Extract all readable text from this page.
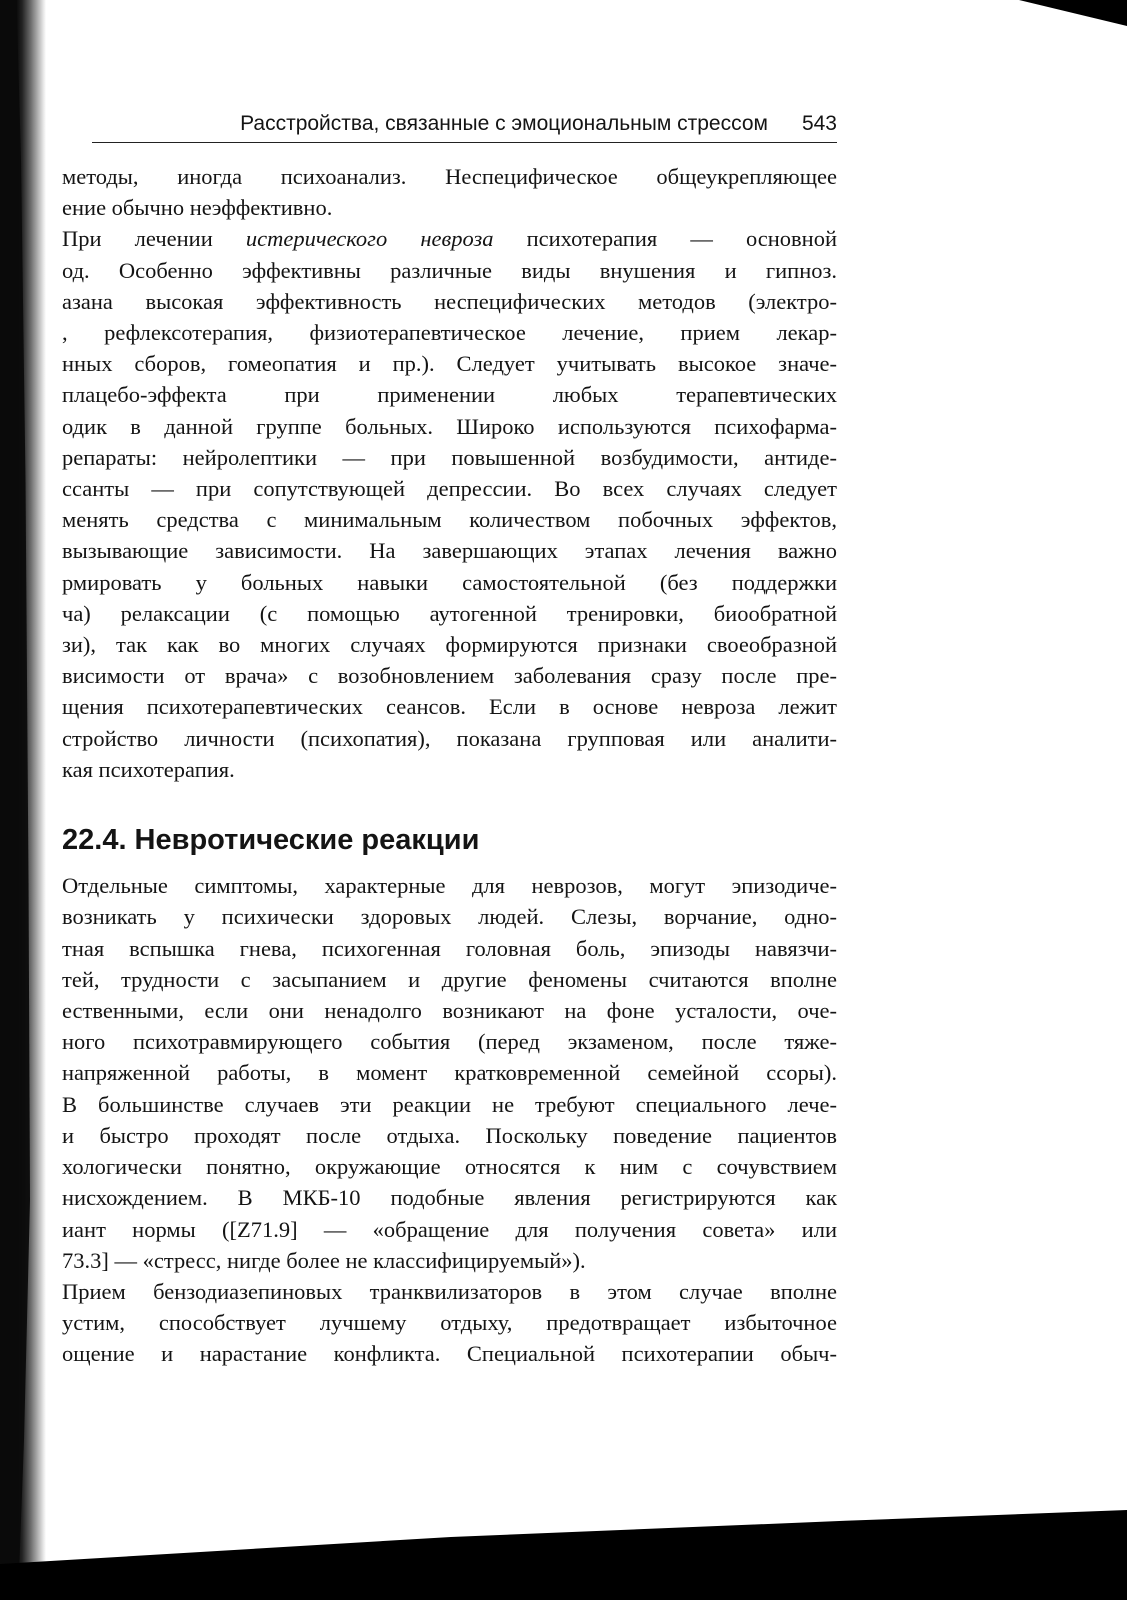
Расстройства, связанные с эмоциональным стрессом 543
методы, иногда психоанализ. Неспецифическое общеукрепляющее
ение обычно неэффективно.
При лечении истерического невроза психотерапия — основной
од. Особенно эффективны различные виды внушения и гипноз.
азана высокая эффективность неспецифических методов (электро-
, рефлексотерапия, физиотерапевтическое лечение, прием лекар-
нных сборов, гомеопатия и пр.). Следует учитывать высокое значе-
плацебо-эффекта при применении любых терапевтических
одик в данной группе больных. Широко используются психофарма-
репараты: нейролептики — при повышенной возбудимости, антиде-
ссанты — при сопутствующей депрессии. Во всех случаях следует
менять средства с минимальным количеством побочных эффектов,
вызывающие зависимости. На завершающих этапах лечения важно
рмировать у больных навыки самостоятельной (без поддержки
ча) релаксации (с помощью аутогенной тренировки, биообратной
зи), так как во многих случаях формируются признаки своеобразной
висимости от врача» с возобновлением заболевания сразу после пре-
щения психотерапевтических сеансов. Если в основе невроза лежит
стройство личности (психопатия), показана групповая или аналити-
кая психотерапия.
22.4. Невротические реакции
Отдельные симптомы, характерные для неврозов, могут эпизодиче-
возникать у психически здоровых людей. Слезы, ворчание, одно-
тная вспышка гнева, психогенная головная боль, эпизоды навязчи-
тей, трудности с засыпанием и другие феномены считаются вполне
ественными, если они ненадолго возникают на фоне усталости, оче-
ного психотравмирующего события (перед экзаменом, после тяже-
напряженной работы, в момент кратковременной семейной ссоры).
В большинстве случаев эти реакции не требуют специального лече-
и быстро проходят после отдыха. Поскольку поведение пациентов
хологически понятно, окружающие относятся к ним с сочувствием
нисхождением. В МКБ-10 подобные явления регистрируются как
иант нормы ([Z71.9] — «обращение для получения совета» или
73.3] — «стресс, нигде более не классифицируемый»).
Прием бензодиазепиновых транквилизаторов в этом случае вполне
устим, способствует лучшему отдыху, предотвращает избыточное
ощение и нарастание конфликта. Специальной психотерапии обыч-
